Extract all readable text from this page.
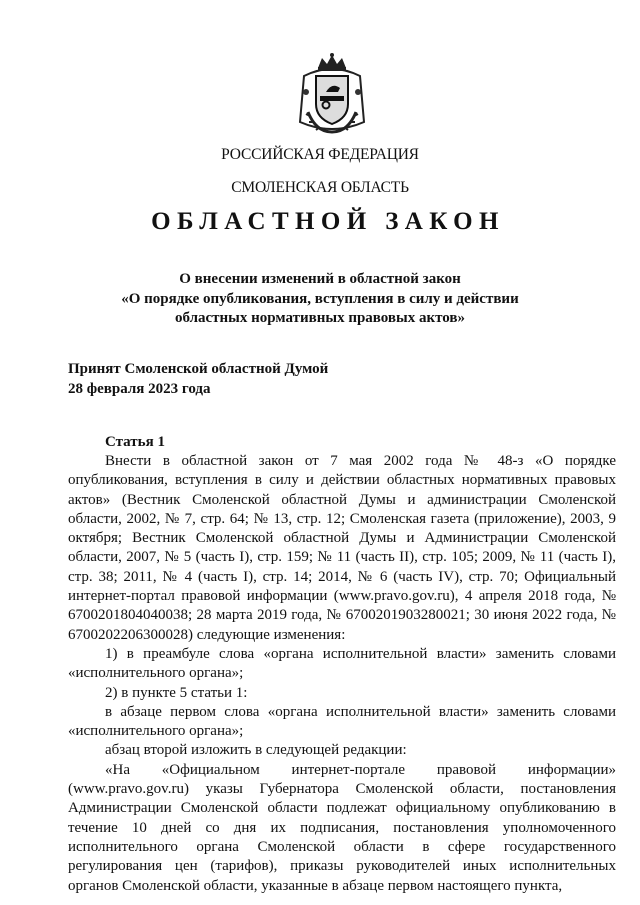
РОССИЙСКАЯ ФЕДЕРАЦИЯ
СМОЛЕНСКАЯ ОБЛАСТЬ
ОБЛАСТНОЙ ЗАКОН
О внесении изменений в областной закон
«О порядке опубликования, вступления в силу и действии
областных нормативных правовых актов»
Принят Смоленской областной Думой
28 февраля 2023 года
Статья 1

Внести в областной закон от 7 мая 2002 года № 48-з «О порядке опубликования, вступления в силу и действии областных нормативных правовых актов» (Вестник Смоленской областной Думы и администрации Смоленской области, 2002, № 7, стр. 64; № 13, стр. 12; Смоленская газета (приложение), 2003, 9 октября; Вестник Смоленской областной Думы и Администрации Смоленской области, 2007, № 5 (часть I), стр. 159; № 11 (часть II), стр. 105; 2009, № 11 (часть I), стр. 38; 2011, № 4 (часть I), стр. 14; 2014, № 6 (часть IV), стр. 70; Официальный интернет-портал правовой информации (www.pravo.gov.ru), 4 апреля 2018 года, № 6700201804040038; 28 марта 2019 года, № 6700201903280021; 30 июня 2022 года, № 6700202206300028) следующие изменения:

1) в преамбуле слова «органа исполнительной власти» заменить словами «исполнительного органа»;

2) в пункте 5 статьи 1:

в абзаце первом слова «органа исполнительной власти» заменить словами «исполнительного органа»;

абзац второй изложить в следующей редакции:

«На «Официальном интернет-портале правовой информации» (www.pravo.gov.ru) указы Губернатора Смоленской области, постановления Администрации Смоленской области подлежат официальному опубликованию в течение 10 дней со дня их подписания, постановления уполномоченного исполнительного органа Смоленской области в сфере государственного регулирования цен (тарифов), приказы руководителей иных исполнительных органов Смоленской области, указанные в абзаце первом настоящего пункта,
